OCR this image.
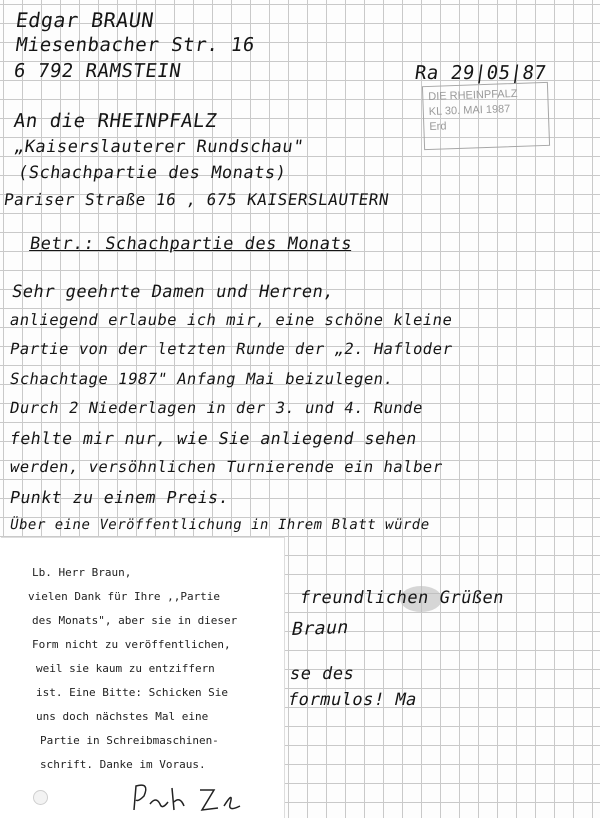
Edgar BRAUN

Miesenbacher Str. 16

6 792 RAMSTEIN	Ra 29|05|87

DIE RHEINPFALZ
KL 30. MAI 1987
Erd

An die RHEINPFALZ

„Kaiserslauterer Rundschau"

(Schachpartie des Monats)

Pariser Straße 16 , 675 KAISERSLAUTERN

Betr.: Schachpartie des Monats

Sehr geehrte Damen und Herren,

anliegend erlaube ich mir, eine schöne kleine

Partie von der letzten Runde der „2. Hafloder

Schachtage 1987" Anfang Mai beizulegen.

Durch 2 Niederlagen in der 3. und 4. Runde

fehlte mir nur, wie Sie anliegend sehen

werden, versöhnlichen Turnierende ein halber

Punkt zu einem Preis.

Über eine Veröffentlichung in Ihrem Blatt würde

freundlichen Grüßen

Braun

se des

formulos! Ma

Lb. Herr Braun,

vielen Dank für Ihre ,,Partie

des Monats", aber sie in dieser

Form nicht zu veröffentlichen,

weil sie kaum zu entziffern

ist. Eine Bitte: Schicken Sie

uns doch nächstes Mal eine

Partie in Schreibmaschinen-

schrift. Danke im Voraus.
